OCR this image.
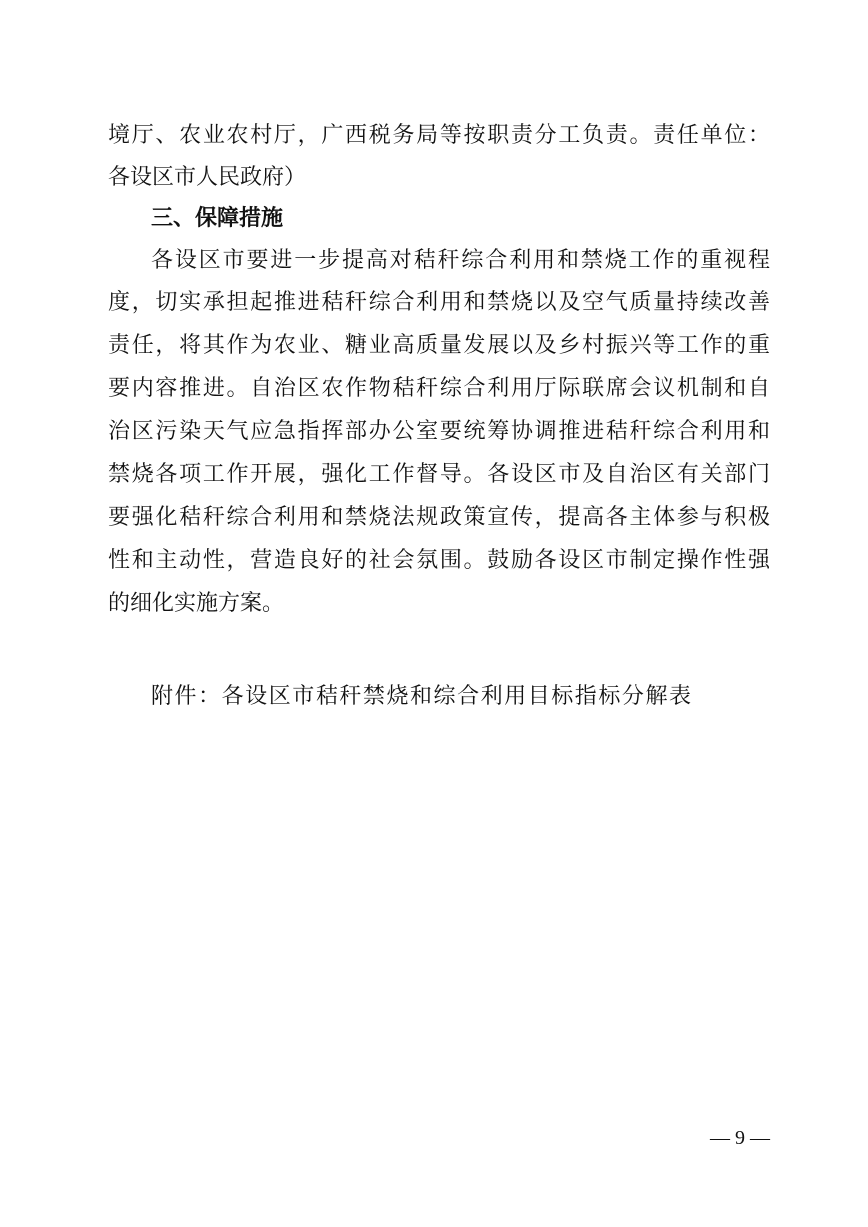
境厅、农业农村厅，广西税务局等按职责分工负责。责任单位：
各设区市人民政府）
三、保障措施
各设区市要进一步提高对秸秆综合利用和禁烧工作的重视程
度，切实承担起推进秸秆综合利用和禁烧以及空气质量持续改善
责任，将其作为农业、糖业高质量发展以及乡村振兴等工作的重
要内容推进。自治区农作物秸秆综合利用厅际联席会议机制和自
治区污染天气应急指挥部办公室要统筹协调推进秸秆综合利用和
禁烧各项工作开展，强化工作督导。各设区市及自治区有关部门
要强化秸秆综合利用和禁烧法规政策宣传，提高各主体参与积极
性和主动性，营造良好的社会氛围。鼓励各设区市制定操作性强
的细化实施方案。
附件：各设区市秸秆禁烧和综合利用目标指标分解表
— 9 —
